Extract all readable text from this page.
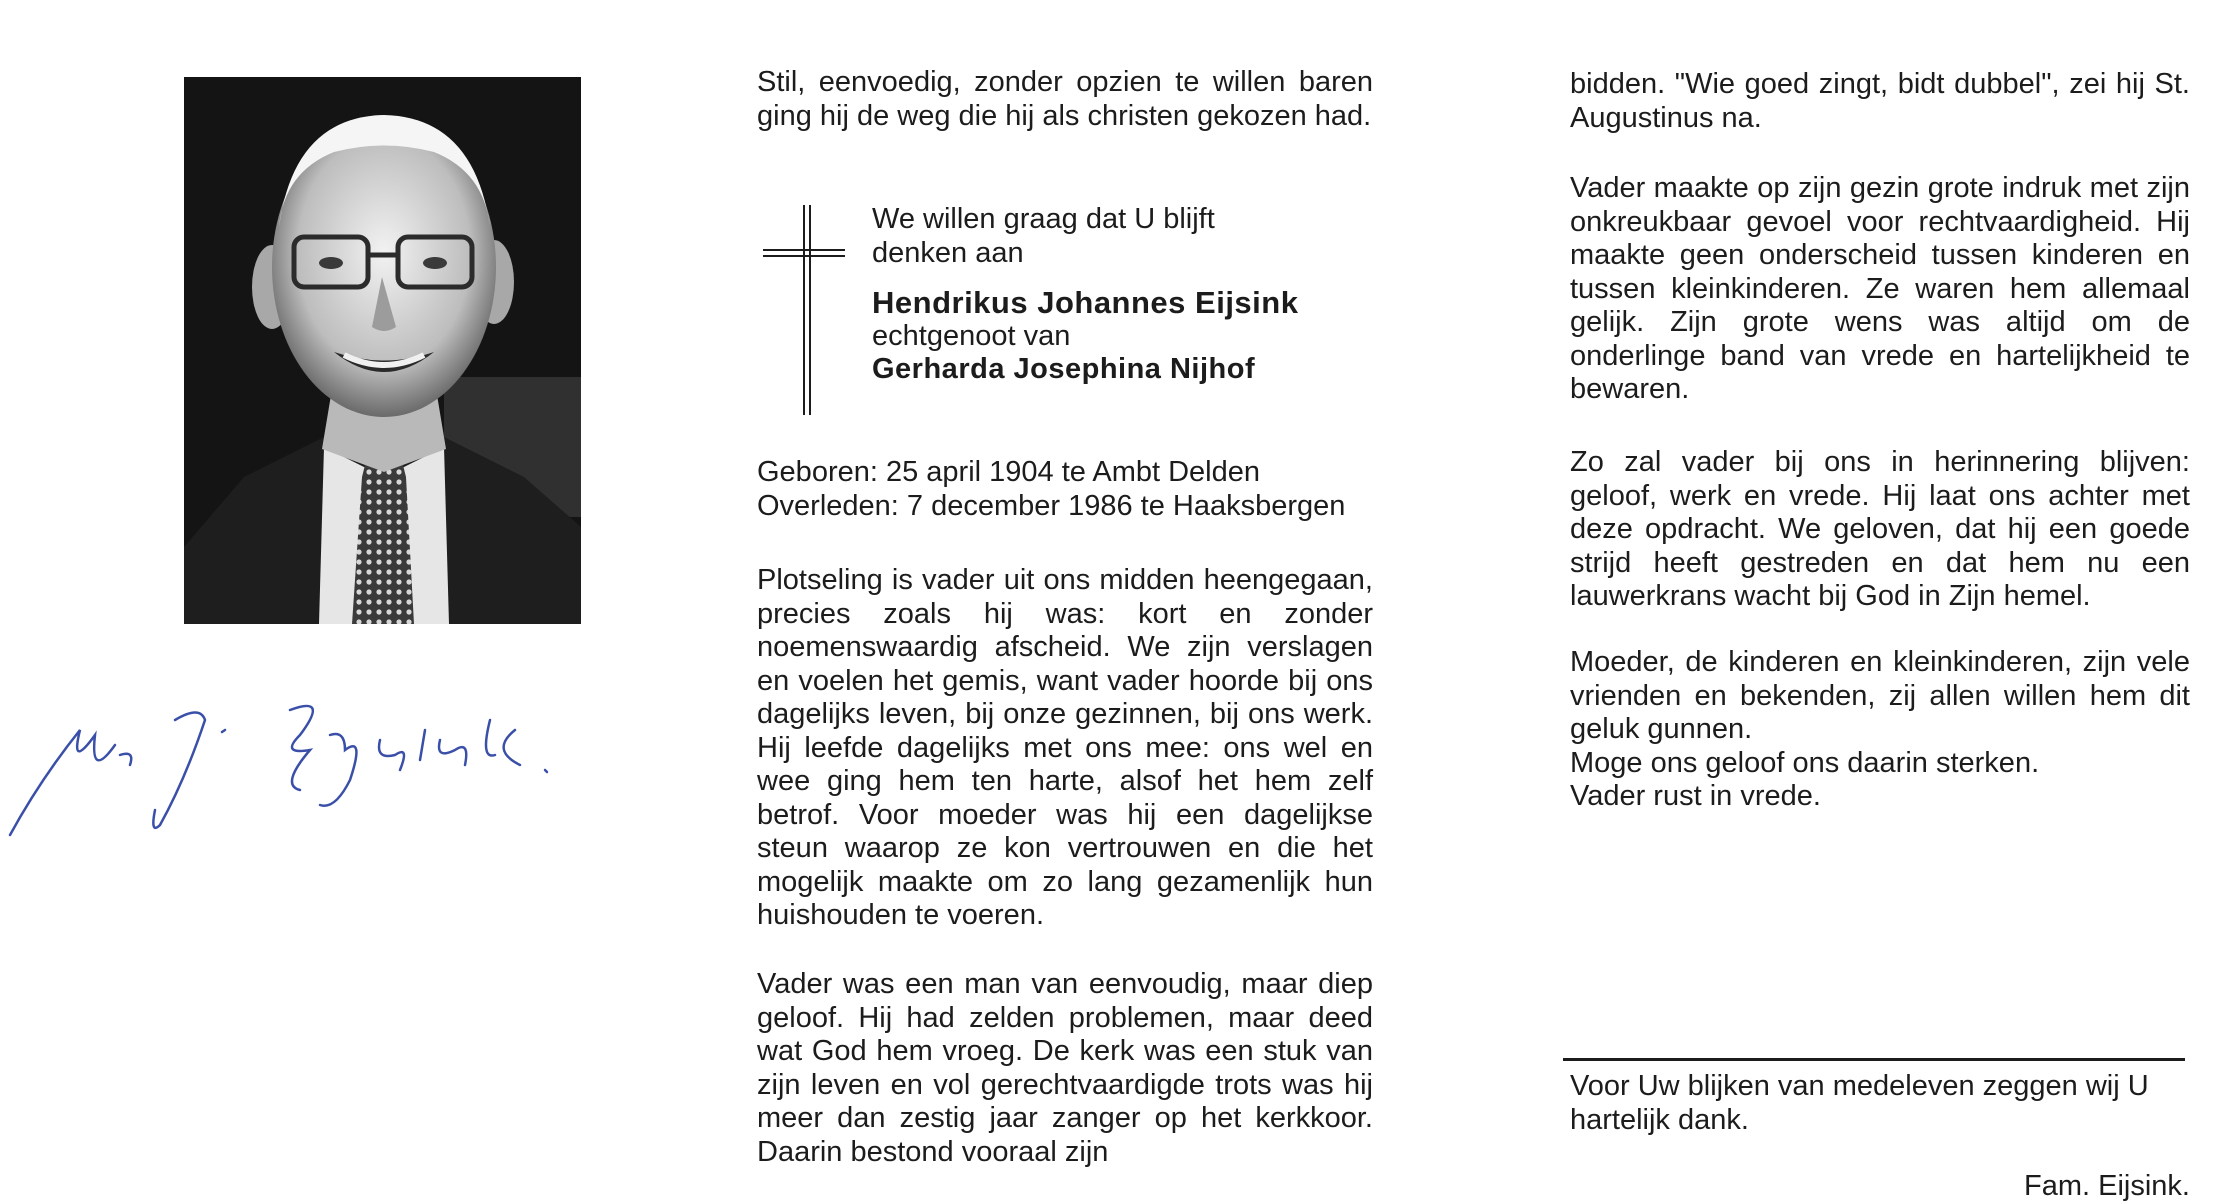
H. J. Eysink.

Stil, eenvoedig, zonder opzien te willen baren ging hij de weg die hij als christen gekozen had.

We willen graag dat U blijft

denken aan

Hendrikus Johannes Eijsink

echtgenoot van

Gerharda Josephina Nijhof

Geboren: 25 april 1904 te Ambt Delden

Overleden: 7 december 1986 te Haaksbergen

Plotseling is vader uit ons midden heengegaan, precies zoals hij was: kort en zonder noemenswaardig afscheid. We zijn verslagen en voelen het gemis, want vader hoorde bij ons dagelijks leven, bij onze gezinnen, bij ons werk. Hij leefde dagelijks met ons mee: ons wel en wee ging hem ten harte, alsof het hem zelf betrof. Voor moeder was hij een dagelijkse steun waarop ze kon vertrouwen en die het mogelijk maakte om zo lang gezamenlijk hun huishouden te voeren.

Vader was een man van eenvoudig, maar diep geloof. Hij had zelden problemen, maar deed wat God hem vroeg. De kerk was een stuk van zijn leven en vol gerechtvaardigde trots was hij meer dan zestig jaar zanger op het kerkkoor. Daarin bestond vooraal zijn

bidden. "Wie goed zingt, bidt dubbel", zei hij St. Augustinus na.

Vader maakte op zijn gezin grote indruk met zijn onkreukbaar gevoel voor rechtvaardigheid. Hij maakte geen onderscheid tussen kinderen en tussen kleinkinderen. Ze waren hem allemaal gelijk. Zijn grote wens was altijd om de onderlinge band van vrede en hartelijkheid te bewaren.

Zo zal vader bij ons in herinnering blijven: geloof, werk en vrede. Hij laat ons achter met deze opdracht. We geloven, dat hij een goede strijd heeft gestreden en dat hem nu een lauwerkrans wacht bij God in Zijn hemel.

Moeder, de kinderen en kleinkinderen, zijn vele vrienden en bekenden, zij allen willen hem dit geluk gunnen.

Moge ons geloof ons daarin sterken.

Vader rust in vrede.

Voor Uw blijken van medeleven zeggen wij U hartelijk dank.

Fam. Eijsink.
